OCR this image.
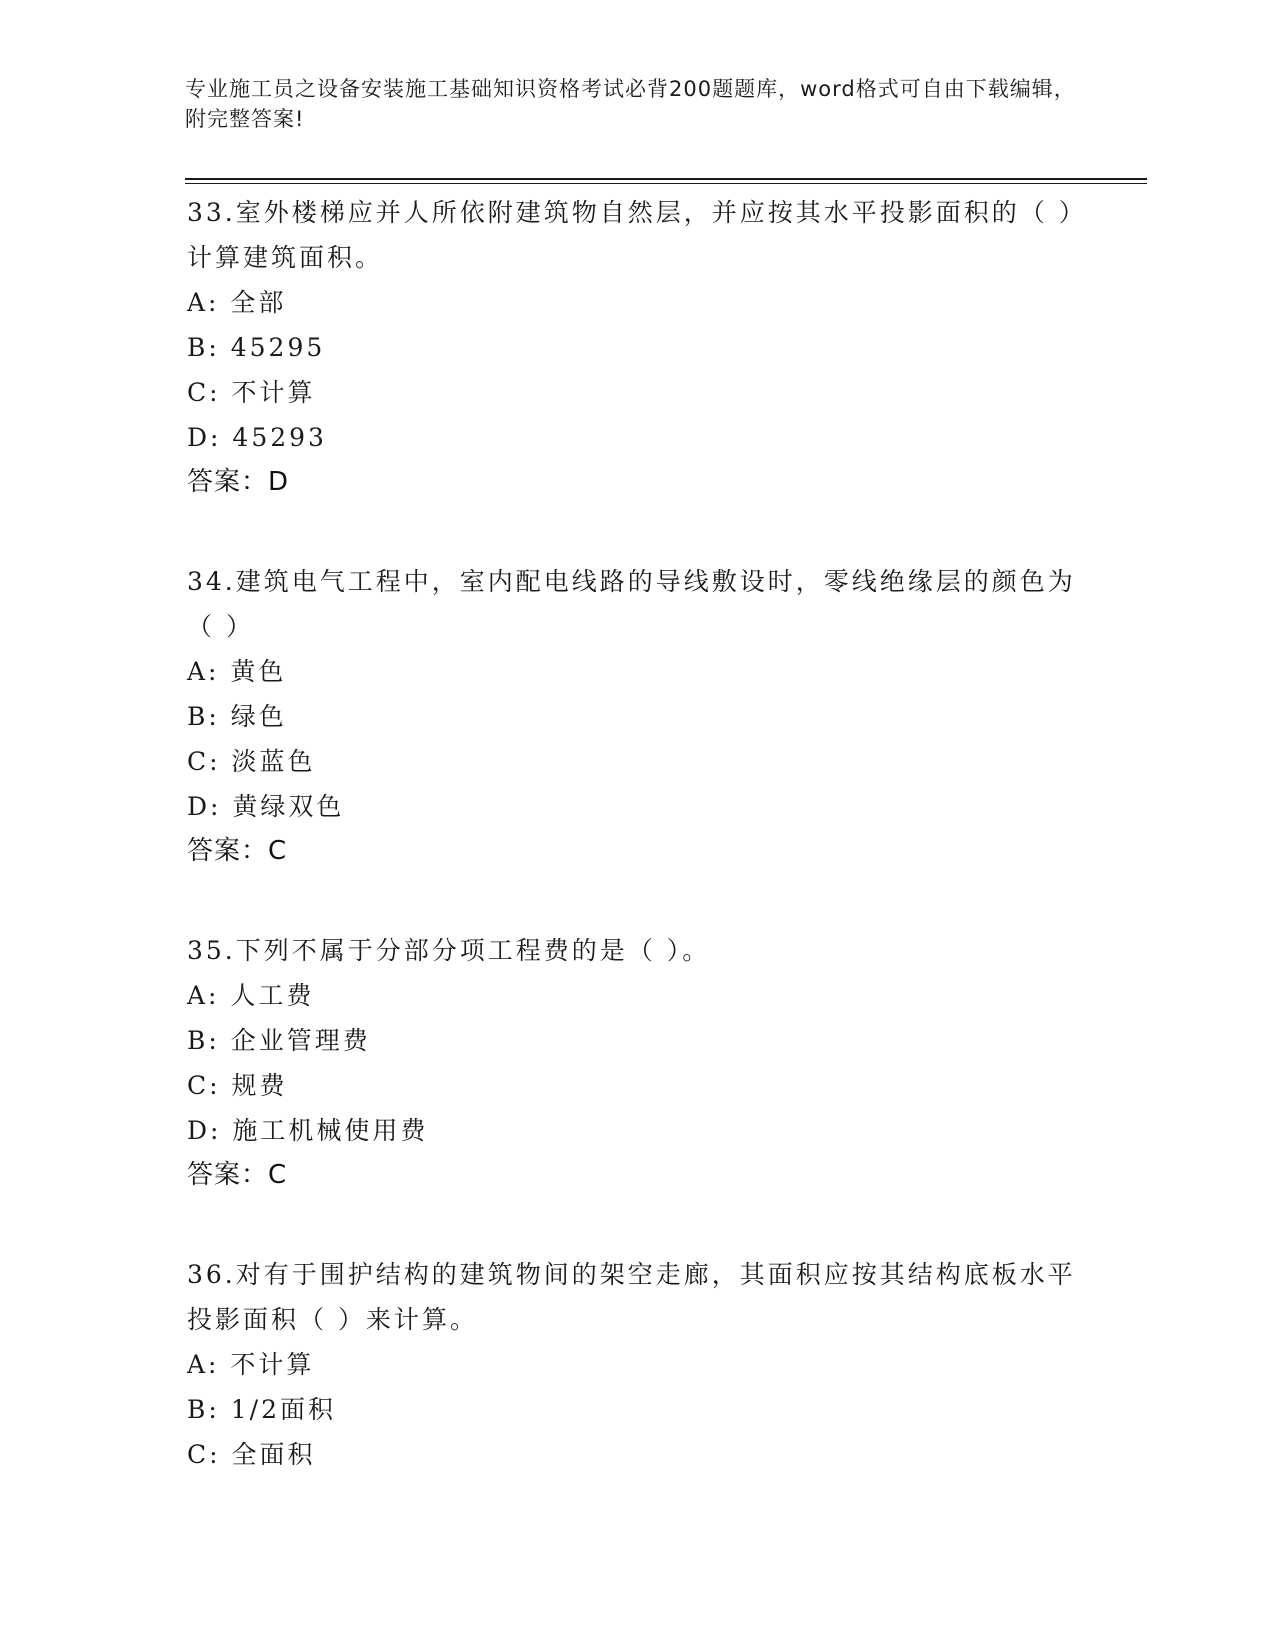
专业施工员之设备安装施工基础知识资格考试必背200题题库，word格式可自由下载编辑，附完整答案!
33.室外楼梯应并人所依附建筑物自然层，并应按其水平投影面积的（ ）计算建筑面积。
A: 全部
B: 45295
C: 不计算
D: 45293
答案：D
34.建筑电气工程中，室内配电线路的导线敷设时，零线绝缘层的颜色为（ ）
A: 黄色
B: 绿色
C: 淡蓝色
D: 黄绿双色
答案：C
35.下列不属于分部分项工程费的是（ ）。
A: 人工费
B: 企业管理费
C: 规费
D: 施工机械使用费
答案：C
36.对有于围护结构的建筑物间的架空走廊，其面积应按其结构底板水平投影面积（ ）来计算。
A: 不计算
B: 1/2面积
C: 全面积
